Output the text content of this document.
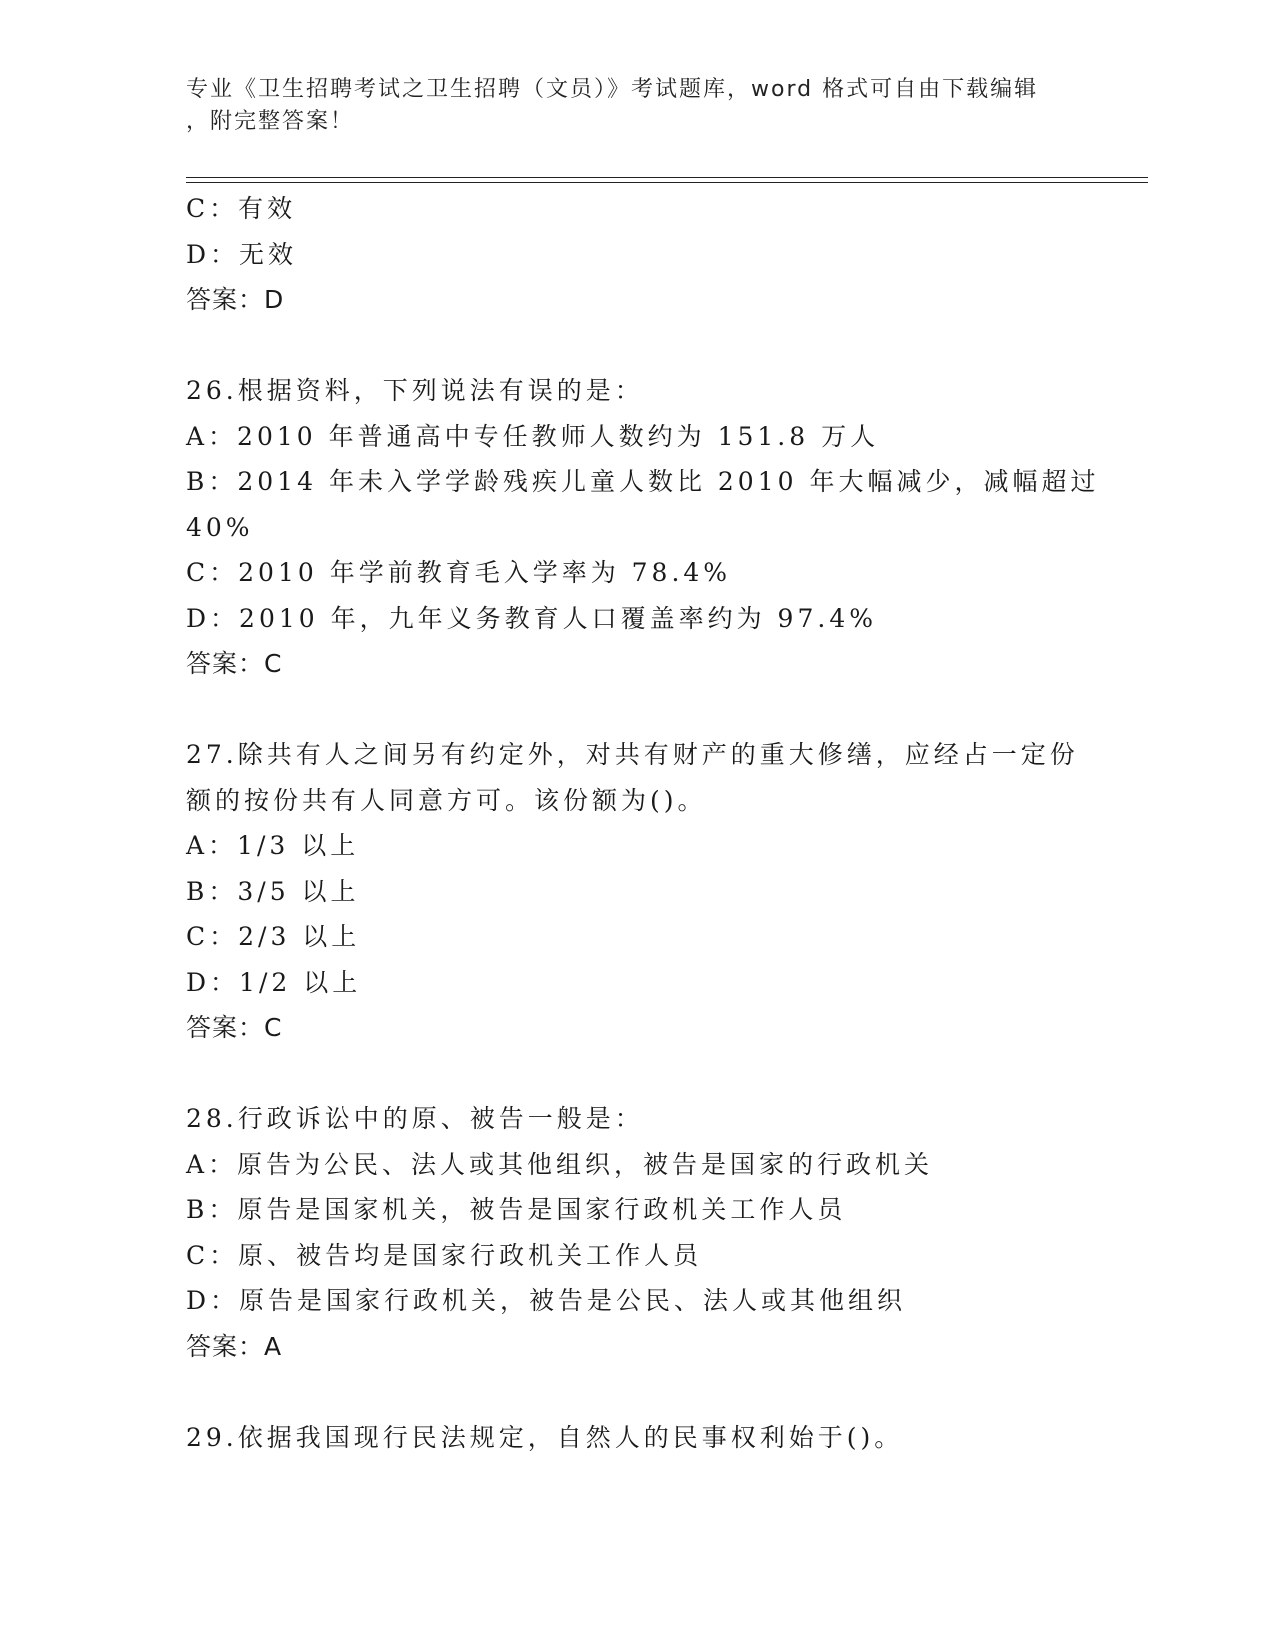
专业《卫生招聘考试之卫生招聘（文员）》考试题库，word 格式可自由下载编辑
，附完整答案！
C：有效
D：无效
答案：D
26.根据资料，下列说法有误的是：
A：2010 年普通高中专任教师人数约为 151.8 万人
B：2014 年未入学学龄残疾儿童人数比 2010 年大幅减少，减幅超过
40%
C：2010 年学前教育毛入学率为 78.4%
D：2010 年，九年义务教育人口覆盖率约为 97.4%
答案：C
27.除共有人之间另有约定外，对共有财产的重大修缮，应经占一定份
额的按份共有人同意方可。该份额为()。
A：1/3 以上
B：3/5 以上
C：2/3 以上
D：1/2 以上
答案：C
28.行政诉讼中的原、被告一般是：
A：原告为公民、法人或其他组织，被告是国家的行政机关
B：原告是国家机关，被告是国家行政机关工作人员
C：原、被告均是国家行政机关工作人员
D：原告是国家行政机关，被告是公民、法人或其他组织
答案：A
29.依据我国现行民法规定，自然人的民事权利始于()。
